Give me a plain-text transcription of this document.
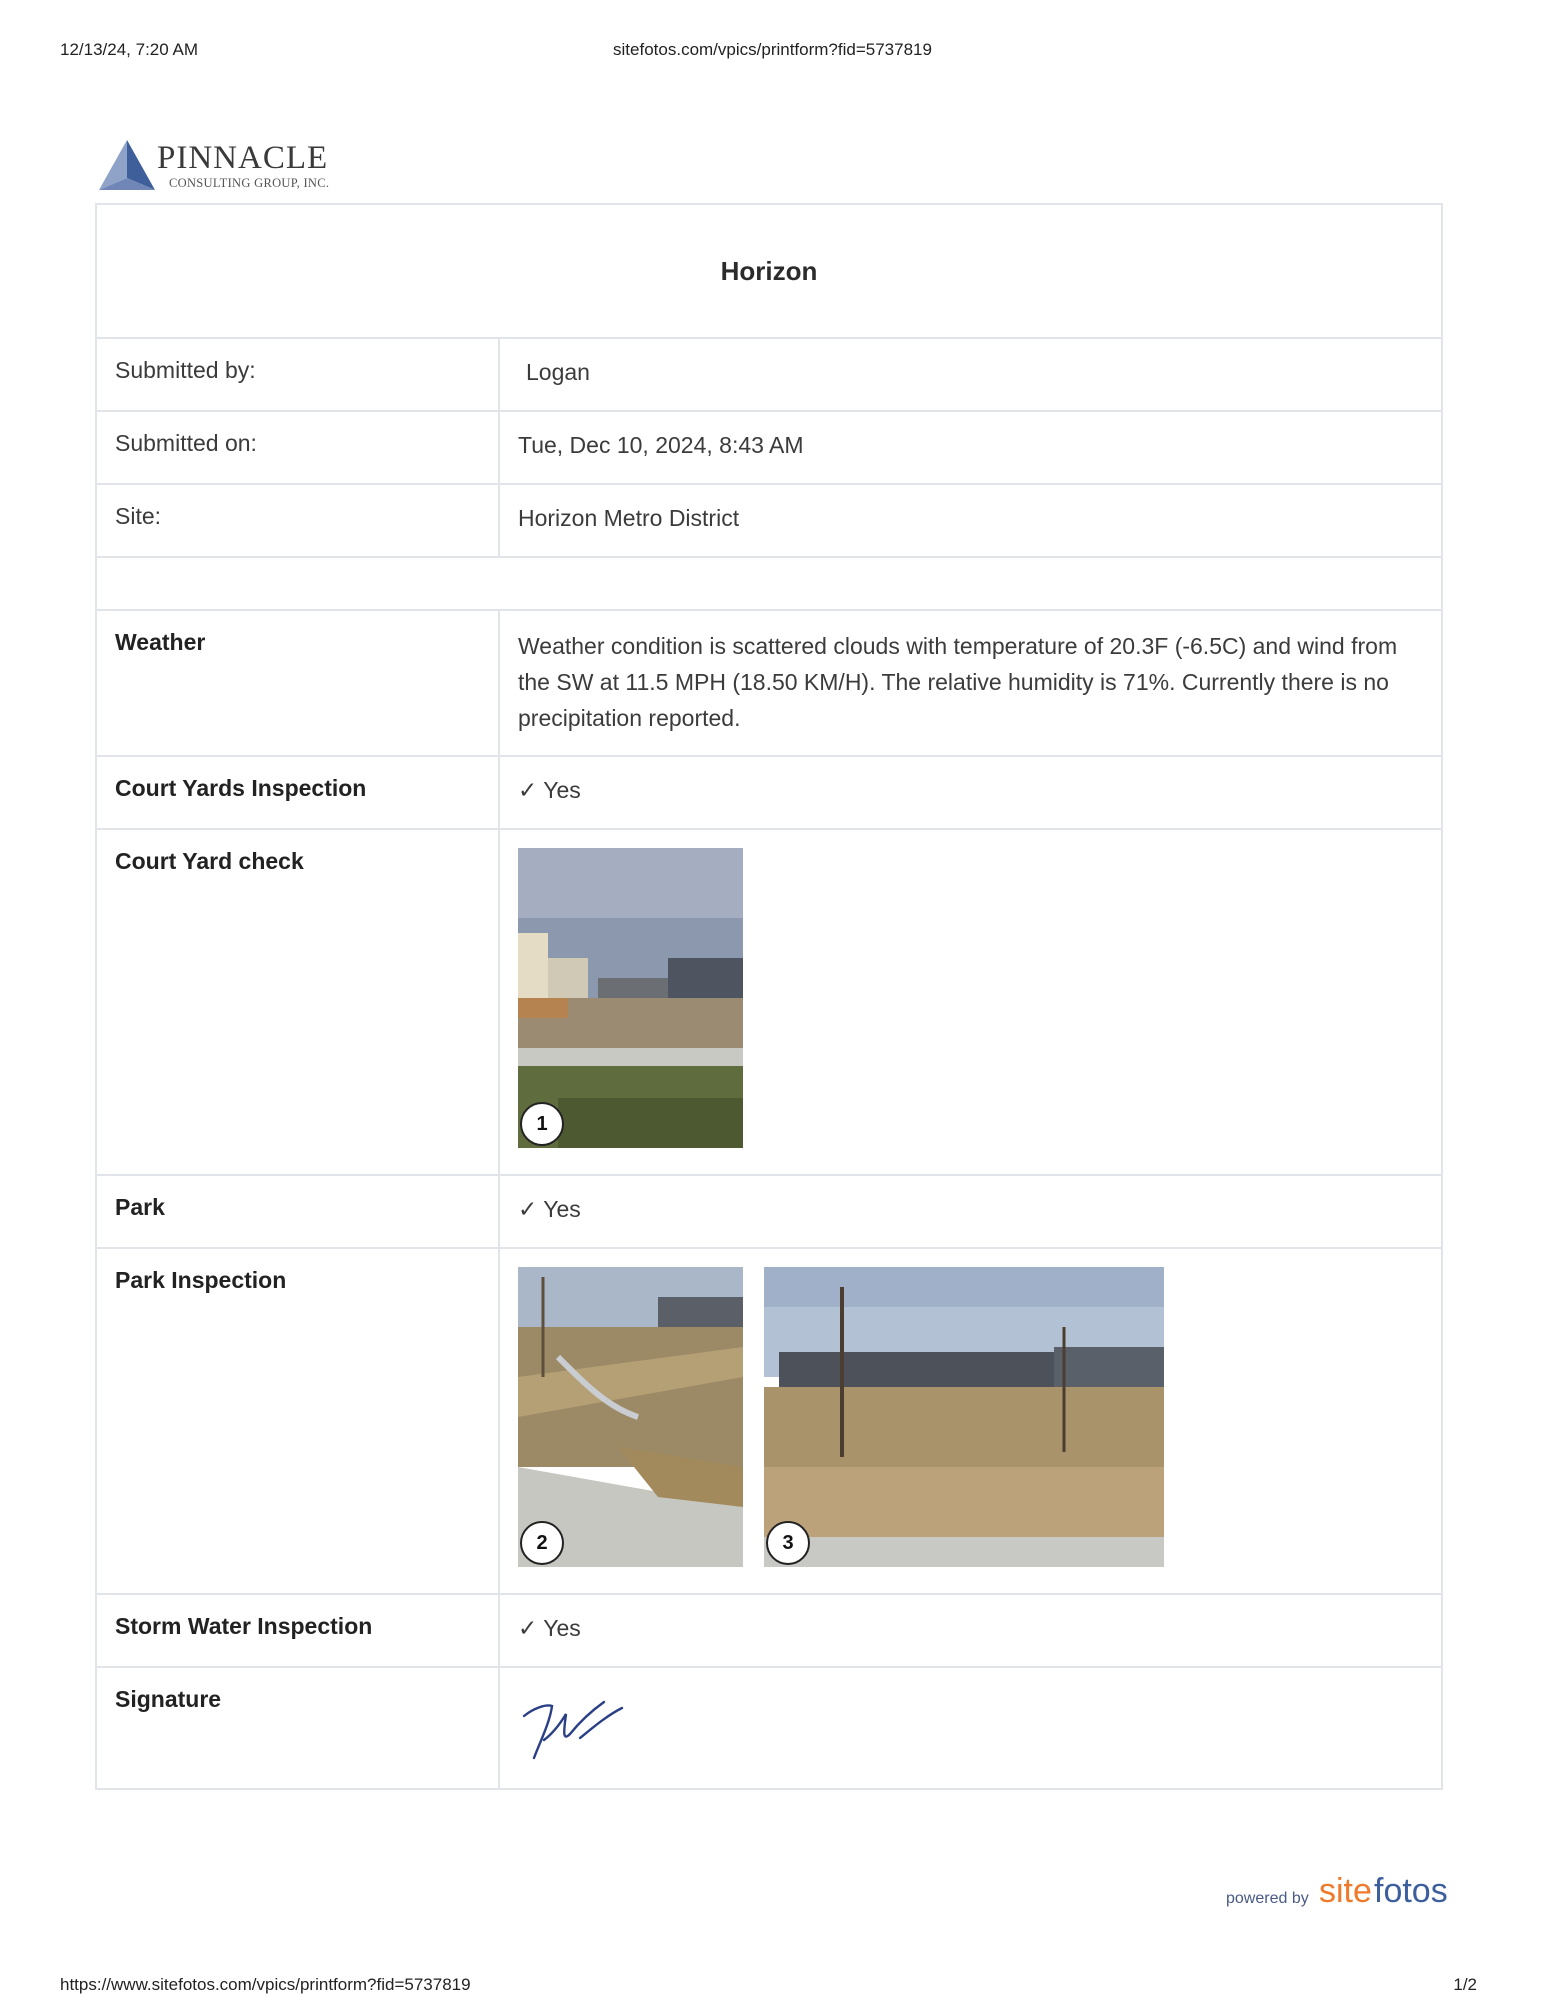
12/13/24, 7:20 AM	sitefotos.com/vpics/printform?fid=5737819
PINNACLE
CONSULTING GROUP, INC.
Horizon
Submitted by:	Logan
Submitted on:	Tue, Dec 10, 2024, 8:43 AM
Site:	Horizon Metro District
Weather	Weather condition is scattered clouds with temperature of 20.3F (-6.5C) and wind from the SW at 11.5 MPH (18.50 KM/H). The relative humidity is 71%. Currently there is no precipitation reported.
Court Yards Inspection	✓ Yes
Court Yard check
1
Park	✓ Yes
Park Inspection
2	3
Storm Water Inspection	✓ Yes
Signature
powered by site fotos
https://www.sitefotos.com/vpics/printform?fid=5737819	1/2
